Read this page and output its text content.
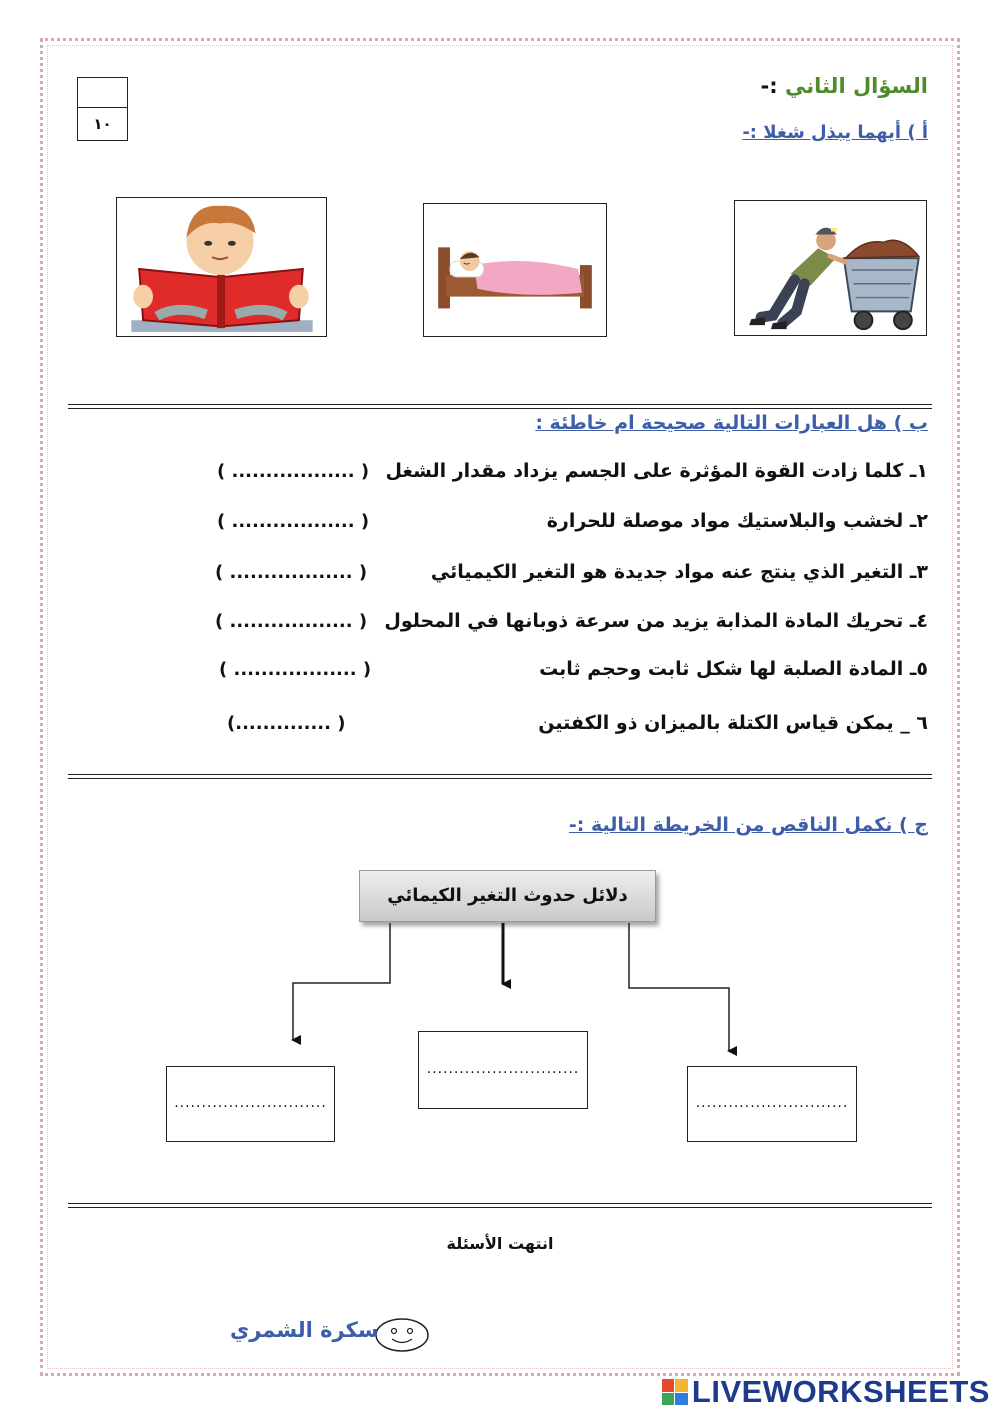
١٠
السؤال الثاني :-
أ ) أيهما يبذل شغلا :-
ب ) هل العبارات التالية صحيحة ام خاطئة :
١ـ كلما زادت القوة المؤثرة على الجسم يزداد مقدار الشغل
( .................. )
٢ـ لخشب والبلاستيك مواد موصلة للحرارة
( .................. )
٣ـ التغير الذي ينتج عنه مواد جديدة هو التغير الكيميائي
( .................. )
٤ـ تحريك المادة المذابة يزيد من سرعة ذوبانها في المحلول
( .................. )
٥ـ المادة الصلبة لها شكل ثابت وحجم ثابت
( .................. )
٦ _ يمكن قياس الكتلة بالميزان ذو الكفتين
(.............. )
ج ) نكمل الناقص من الخريطة التالية :-
دلائل حدوث التغير الكيمائي
............................
............................
............................
انتهت الأسئلة
سكرة الشمري
LIVEWORKSHEETS
